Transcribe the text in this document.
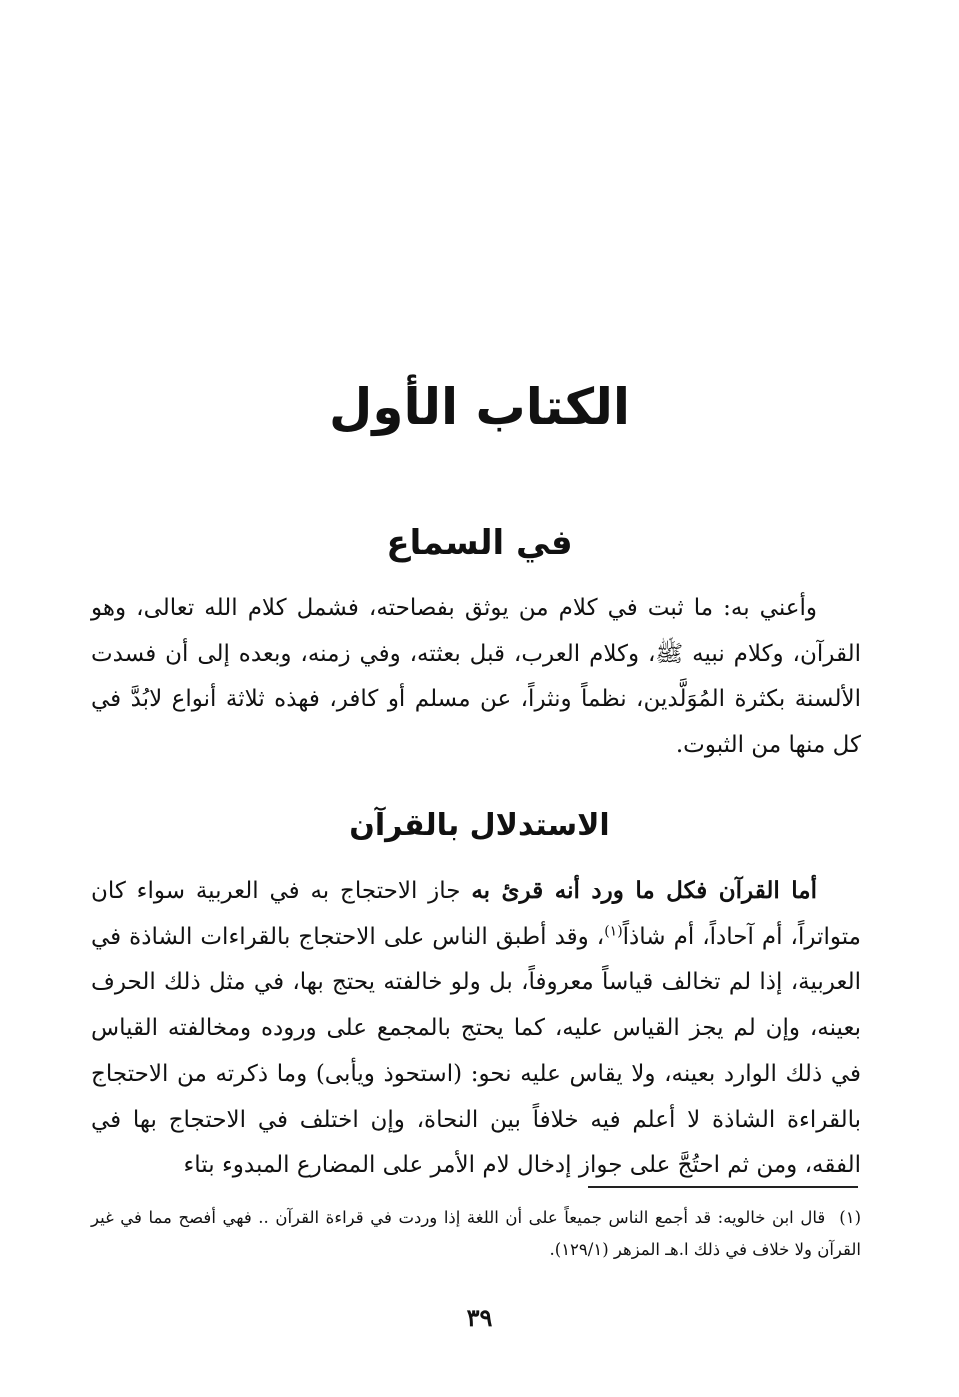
الكتاب الأول
في السماع

وأعني به: ما ثبت في كلام من يوثق بفصاحته، فشمل كلام الله تعالى، وهو القرآن، وكلام نبيه ﷺ، وكلام العرب، قبل بعثته، وفي زمنه، وبعده إلى أن فسدت الألسنة بكثرة المُوَلَّدين، نظماً ونثراً، عن مسلم أو كافر، فهذه ثلاثة أنواع لابُدَّ في كل منها من الثبوت.

الاستدلال بالقرآن

أما القرآن فكل ما ورد أنه قرئ به جاز الاحتجاج به في العربية سواء كان متواتراً، أم آحاداً، أم شاذاً$^{(١)}$، وقد أطبق الناس على الاحتجاج بالقراءات الشاذة في العربية، إذا لم تخالف قياساً معروفاً، بل ولو خالفته يحتج بها، في مثل ذلك الحرف بعينه، وإن لم يجز القياس عليه، كما يحتج بالمجمع على وروده ومخالفته القياس في ذلك الوارد بعينه، ولا يقاس عليه نحو: (استحوذ ويأبى) وما ذكرته من الاحتجاج بالقراءة الشاذة لا أعلم فيه خلافاً بين النحاة، وإن اختلف في الاحتجاج بها في الفقه، ومن ثم احتُجَّ على جواز إدخال لام الأمر على المضارع المبدوء بتاء

(١)قال ابن خالويه: قد أجمع الناس جميعاً على أن اللغة إذا وردت في قراءة القرآن .. فهي أفصح مما في غير القرآن ولا خلاف في ذلك ا.هـ المزهر (١٢٩/١).

٣٩
